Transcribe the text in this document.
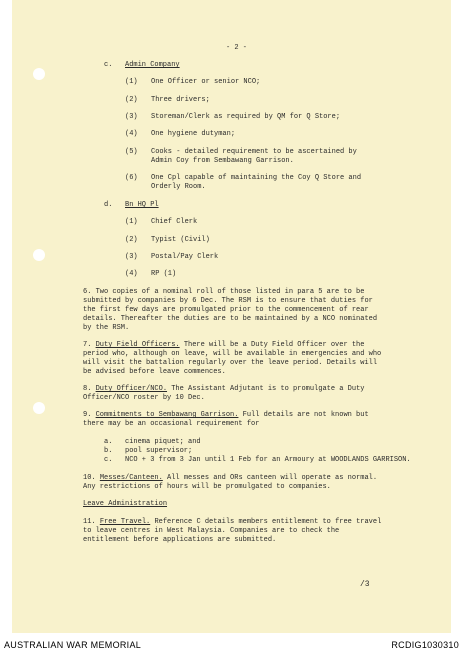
- 2 -
c. Admin Company
(1) One Officer or senior NCO;
(2) Three drivers;
(3) Storeman/Clerk as required by QM for Q Store;
(4) One hygiene dutyman;
(5) Cooks - detailed requirement to be ascertained by
Admin Coy from Sembawang Garrison.
(6) One Cpl capable of maintaining the Coy Q Store and
Orderly Room.
d. Bn HQ Pl
(1) Chief Clerk
(2) Typist (Civil)
(3) Postal/Pay Clerk
(4) RP (1)
6. Two copies of a nominal roll of those listed in para 5 are to be
submitted by companies by 6 Dec. The RSM is to ensure that duties for
the first few days are promulgated prior to the commencement of rear
details. Thereafter the duties are to be maintained by a NCO nominated
by the RSM.
7. Duty Field Officers. There will be a Duty Field Officer over the
period who, although on leave, will be available in emergencies and who
will visit the battalion regularly over the leave period. Details will
be advised before leave commences.
8. Duty Officer/NCO. The Assistant Adjutant is to promulgate a Duty
Officer/NCO roster by 10 Dec.
9. Commitments to Sembawang Garrison. Full details are not known but
there may be an occasional requirement for
a. cinema piquet; and
b. pool supervisor;
c. NCO + 3 from 3 Jan until 1 Feb for an Armoury at WOODLANDS GARRISON.
10. Messes/Canteen. All messes and ORs canteen will operate as normal.
Any restrictions of hours will be promulgated to companies.
Leave Administration
11. Free Travel. Reference C details members entitlement to free travel
to leave centres in West Malaysia. Companies are to check the
entitlement before applications are submitted.
/3
AUSTRALIAN WAR MEMORIAL	RCDIG1030310
